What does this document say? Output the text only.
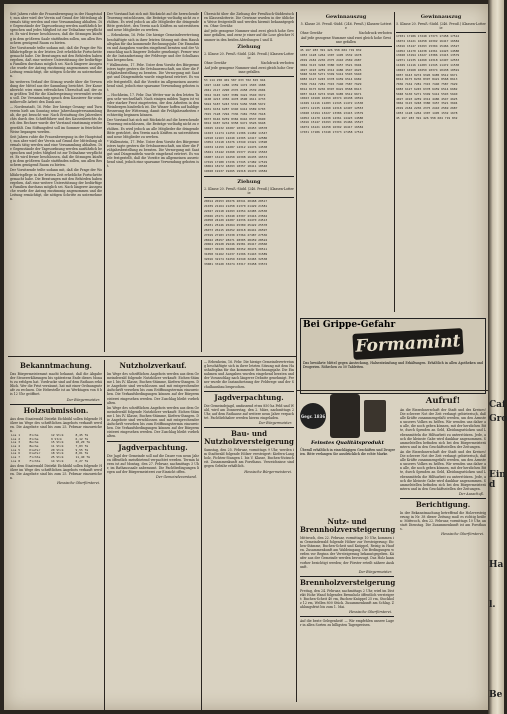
Seit Jahren ruhte die Frauenbewegung in der Hauptstadt; nun aber wird der Verein auf Grund der Mitteilung abermals tätig werden und eine Versammlung abhalten. Die Gegenstände der Tagesordnung werden ausführlich besprochen und jedes Mitglied ist zur Teilnahme verpflichtet. Es wird ferner beschlossen, daß die Sitzungen künftig in dem größeren Saale stattfinden sollen, um allen Besuchern genügend Raum zu bieten.

Der Vorsitzende teilte sodann mit, daß die Frage der Wohlfahrtspflege in der letzten Zeit erhebliche Fortschritte gemacht habe. Die Beratungen mit den Behörden haben ergeben, daß eine weitere Unterstützung der bedürftigen Familien durchaus möglich sei. Nach längerer Aussprache wurde der Antrag einstimmig angenommen und die Leitung ermächtigt, die nötigen Schritte zu unternehmen.

Im weiteren Verlauf der Sitzung wurde über die Verwendung der Mittel aus der Sammlung berichtet. Der Kassenbericht wies einen erfreulichen Überschuß auf, der zum größten Teil für die Kinderspeisung verwendet werden soll. Die Versammlung sprach dem Kassierer für seine mühevolle Arbeit den Dank aus.

— Nordenstadt, 16. Febr. Der hiesige Gesang- und Turnverein hielt am Sonntag seine Jahreshauptversammlung ab, die gut besucht war. Nach Erstattung des Jahresberichts durch den Schriftführer und des Kassenberichts durch den Rechner wurde der Vorstand einstimmig wiedergewählt. Das Stiftungsfest soll im Sommer in feierlicher Weise begangen werden.

Seit Jahren ruhte die Frauenbewegung in der Hauptstadt; nun aber wird der Verein auf Grund der Mitteilung abermals tätig werden und eine Versammlung abhalten. Die Gegenstände der Tagesordnung werden ausführlich besprochen und jedes Mitglied ist zur Teilnahme verpflichtet. Es wird ferner beschlossen, daß die Sitzungen künftig in dem größeren Saale stattfinden sollen, um allen Besuchern genügend Raum zu bieten.

Der Vorsitzende teilte sodann mit, daß die Frage der Wohlfahrtspflege in der letzten Zeit erhebliche Fortschritte gemacht habe. Die Beratungen mit den Behörden haben ergeben, daß eine weitere Unterstützung der bedürftigen Familien durchaus möglich sei. Nach längerer Aussprache wurde der Antrag einstimmig angenommen und die Leitung ermächtigt, die nötigen Schritte zu unternehmen.

Der Vorstand hat sich mit Rücksicht auf die herrschende Teuerung entschlossen, die Beiträge vorläufig nicht zu erhöhen. Es wird jedoch an alle Mitglieder die dringende Bitte gerichtet, den Verein nach Kräften zu unterstützen und neue Mitglieder zu werben.

— Erbenheim, 16. Febr. Die hiesige Gemeindevertretung beschäftigte sich in ihrer letzten Sitzung mit dem Haushaltsplan für das kommende Rechnungsjahr. Die Einnahmen und Ausgaben wurden eingehend beraten und der Voranschlag nach längerer Debatte genehmigt. Ferner wurde die Instandsetzung der Feldwege und der Schulhausbau besprochen.

* Wallenstein, 17. Febr. Unter dem Vorsitz des Bürgermeisters tagte gestern die Ortsbauernschaft, um über die Frühjahrsbestellung zu beraten. Die Versorgung mit Saatgut und Düngemitteln wurde eingehend erörtert. Es wurde festgestellt, daß die Vorräte im allgemeinen ausreichend sind, jedoch eine sparsame Verwendung geboten ist.

— Hochheim, 17. Febr. Das Wetter war in den letzten Tagen sehr wechselhaft. Nach einigen milden Tagen ist wieder starker Frost eingetreten, der den Arbeiten in den Weinbergen hinderlich ist. Die Winzer hoffen auf baldige Besserung der Witterung, damit die Frühjahrsarbeiten rechtzeitig beginnen können.

Der Vorstand hat sich mit Rücksicht auf die herrschende Teuerung entschlossen, die Beiträge vorläufig nicht zu erhöhen. Es wird jedoch an alle Mitglieder die dringende Bitte gerichtet, den Verein nach Kräften zu unterstützen und neue Mitglieder zu werben.

* Wallenstein, 17. Febr. Unter dem Vorsitz des Bürgermeisters tagte gestern die Ortsbauernschaft, um über die Frühjahrsbestellung zu beraten. Die Versorgung mit Saatgut und Düngemitteln wurde eingehend erörtert. Es wurde festgestellt, daß die Vorräte im allgemeinen ausreichend sind, jedoch eine sparsame Verwendung geboten ist.

Übersicht über die Ziehung der Preußisch-Süddeutschen Klassenlotterie. Die Gewinne wurden in der üblichen Weise festgestellt und werden hiermit bekanntgegeben. Ohne Gewähr.

Auf jede gezogene Nummer sind zwei gleich hohe Gewinne gefallen, und zwar je einer auf die Lose gleicher Nummer in den beiden Abteilungen I und II.

Ziehung
2. Klasse 20. Preuß.-Südd. (246. Preuß.) Klassen-Lotterie
Ohne Gewähr	Nachdruck verboten
Auf jede gezogene Nummer sind zwei gleich hohe Gewinne gefallen
53 114 258 401 587 633 702 815 944
1027 1140 1286 1359 1472 1503 1688
2041 2117 2290 2376 2458 2539 2604
3012 3145 3267 3389 3421 3540 3672
4108 4213 4356 4478 4590 4611 4733
5024 5187 5243 5319 5456 5508 5672
6031 6154 6287 6340 6412 6589 6703
7015 7128 7294 7336 7481 7550 7618
8073 8146 8259 8384 8416 8537 8690
9012 9187 9234 9358 9471 9526 9648
10045 10132 10287 10391 10453 10578
11023 11174 11259 11306 11482 11547
12018 12163 12240 12395 12417 12586
13052 13118 13276 13349 13421 13590
14034 14159 14287 14312 14476 14538
15021 15142 15268 15377 15419 15563
16087 16113 16250 16398 16435 16574
17019 17180 17236 17345 17482 17519
18064 18172 18293 18357 18411 18540
19028 19137 19265 19318 19470 19582
Ziehung
2. Klasse 20. Preuß.-Südd. (246. Preuß.) Klassen-Lotterie
20014 20153 20276 20341 20468 20517
21039 21164 21258 21370 21429 21581
22047 22118 22293 22354 22485 22530
23026 23171 23240 23397 23416 23562
24058 24129 24287 24336 24470 24513
25031 25146 25264 25389 25422 25578
26073 26115 26252 26318 26441 26597
27019 27183 27230 27364 27487 27536
28042 28157 28271 28305 28459 28524
29064 29128 29246 29381 29417 29560
30027 30139 30288 30352 30476 30511
31058 31162 31237 31396 31443 31589
32016 32174 32259 32340 32465 32538
33081 33120 33274 33317 33458 33572
Gewinnauszug
5. Klasse 20. Preuß.-Südd. (246. Preuß.) Klassen-Lotterie
Ohne Gewähr	Nachdruck verboten
Auf jede gezogene Nummer sind zwei gleich hohe Gewinne gefallen
45 167 283 391 426 558 604 719 832
1053 1128 1264 1307 1495 1532 1678
2019 2184 2236 2375 2410 2569 2687
3062 3115 3248 3380 3457 3521 3694
4027 4193 4259 4312 4486 4547 4625
5048 5130 5271 5349 5412 5593 5640
6083 6127 6245 6378 6459 6514 6682
7036 7162 7281 7315 7440 7587 7629
8014 8175 8236 8397 8421 8568 8613
9057 9143 9274 9326 9485 9512 9671
10023 10168 10259 10374 10438 10591
11049 11116 11283 11345 11472 11530
12071 12135 12260 12318 12497 12553
13028 13194 13227 13386 13415 13579
14052 14170 14238 14361 14423 14580
15016 15147 15293 15304 15466 15527
16074 16121 16258 16392 16417 16584
17031 17186 17240 17373 17458 17512
Gewinnauszug
5. Klasse 20. Preuß.-Südd. (246. Preuß.) Klassen-Lotterie
17031 17186 17240 17373 17458 17512
16074 16121 16258 16392 16417 16584
15016 15147 15293 15304 15466 15527
14052 14170 14238 14361 14423 14580
13028 13194 13227 13386 13415 13579
12071 12135 12260 12318 12497 12553
11049 11116 11283 11345 11472 11530
10023 10168 10259 10374 10438 10591
9057 9143 9274 9326 9485 9512 9671
8014 8175 8236 8397 8421 8568 8613
7036 7162 7281 7315 7440 7587 7629
6083 6127 6245 6378 6459 6514 6682
5048 5130 5271 5349 5412 5593 5640
4027 4193 4259 4312 4486 4547 4625
3062 3115 3248 3380 3457 3521 3694
2019 2184 2236 2375 2410 2569 2687
1053 1128 1264 1307 1495 1532 1678
45 167 283 391 426 558 604 719 832
Bei Grippe-Gefahr
Formamint
Das bewährte Mittel gegen Ansteckung, Halsentzündung und Erkältungen. Erhältlich in allen Apotheken und Drogerien. Röhrchen zu 50 Tabletten.
Gegr. 1836
Feinstes Qualitätsprodukt

Überall erhältlich in einschlägigen Geschäften und Drogerien. Bitte verlangen Sie ausdrücklich die echte Marke.

Aufruf!

An die Einwohnerschaft der Stadt und des Kreises! Die schwere Not der Zeit verlangt gebieterisch, daß alle Kräfte zusammengefaßt werden, um den Ärmsten unseres Volkes zu helfen. Wir wenden uns daher an alle, die noch geben können, mit der herzlichen Bitte, durch Spenden an Geld, Kleidungsstücken und Lebensmitteln die Hilfsarbeit zu unterstützen. Jede, auch die kleinste Gabe wird dankbar angenommen. Sammelstellen befinden sich bei den Bürgermeisterämtern und in den Geschäftsstellen der Zeitungen.

An die Einwohnerschaft der Stadt und des Kreises! Die schwere Not der Zeit verlangt gebieterisch, daß alle Kräfte zusammengefaßt werden, um den Ärmsten unseres Volkes zu helfen. Wir wenden uns daher an alle, die noch geben können, mit der herzlichen Bitte, durch Spenden an Geld, Kleidungsstücken und Lebensmitteln die Hilfsarbeit zu unterstützen. Jede, auch die kleinste Gabe wird dankbar angenommen. Sammelstellen befinden sich bei den Bürgermeisterämtern und in den Geschäftsstellen der Zeitungen.

Der Ausschuß.
Berichtigung.

In der Bekanntmachung betreffend die Holzversteigerung in Nr. 38 dieser Zeitung muß es richtig heißen: Mittwoch, den 22. Februar, vormittags 10 Uhr, anstatt Dienstag. Die Zusammenkunft ist am Forsthaus.

Hessische Oberförsterei.
Nutz- und Brennholzversteigerung

Mittwoch, den 22. Februar, vormittags 10 Uhr, kommen im Gemeindewald folgende Hölzer zur Versteigerung: Eichen-Stämme, Buchen-Scheit und Knüppel, Reisig in Haufen. Zusammenkunft am Waldeingang. Die Bedingungen werden vor Beginn der Versteigerung bekanntgegeben. Käufer aus der Gemeinde werden bevorzugt. Das Holz kann vorher besichtigt werden; der Förster erteilt nähere Auskunft.

Der Bürgermeister.
Brennholzversteigerung

Freitag, den 24. Februar, nachmittags 2 Uhr, wird im Distrikt Hohe Wand folgendes Brennholz öffentlich versteigert: Buchen-Scheit 40 rm, Buchen-Knüppel 25 rm, Stockholz 12 rm, Wellen 800 Stück. Zusammenkunft am Schlag. Zahlungsfrist bis zum 1. Mai.

Hessische Oberförsterei.

Auf die beste Gelegenheit! — Wir empfehlen unsere Lager in allen Sorten zu billigsten Tagespreisen.

Bekanntmachung.

Das Bürgermeisteramt macht bekannt, daß die Abgabe der Steuererklärungen bis spätestens Ende dieses Monats zu erfolgen hat. Vordrucke sind auf dem Rathaus erhältlich. Wer die Frist versäumt, hat mit einer Ordnungsstrafe zu rechnen. Die Hebestelle ist an Werktagen von 8 bis 12 Uhr geöffnet.

Der Bürgermeister.
Holzsubmission.

Aus dem Staatswald Distrikt Eichbühl sollen folgende Hölzer im Wege des schriftlichen Angebots verkauft werden. Die Angebote sind bis zum 25. Februar einzureichen.

Los 1	Eiche	12 Stck	8,45 fm
Los 2	Eiche	9 Stck	6,12 fm
Los 3	Buche	15 Stck	10,20 fm
Los 4	Buche	11 Stck	7,83 fm
Los 5	Kiefer	20 Stck	9,55 fm
Los 6	Kiefer	18 Stck	8,01 fm
Los 7	Fichte	25 Stck	11,40 fm
Los 8	Fichte	14 Stck	6,27 fm

Aus dem Staatswald Distrikt Eichbühl sollen folgende Hölzer im Wege des schriftlichen Angebots verkauft werden. Die Angebote sind bis zum 25. Februar einzureichen.

Hessische Oberförsterei.
Nutzholzverkauf.

Im Wege des schriftlichen Angebots werden aus dem Gemeindewald folgende Nutzhölzer verkauft: Eichen-Stämme I. bis IV. Klasse, Buchen-Stämme, Kiefern-Stangen. Die Angebote sind verschlossen und mit entsprechender Aufschrift versehen bis zum Eröffnungstermin einzureichen. Die Verkaufsbedingungen können auf der Bürgermeisterei eingesehen werden. Der Zuschlag bleibt vorbehalten.

Im Wege des schriftlichen Angebots werden aus dem Gemeindewald folgende Nutzhölzer verkauft: Eichen-Stämme I. bis IV. Klasse, Buchen-Stämme, Kiefern-Stangen. Die Angebote sind verschlossen und mit entsprechender Aufschrift versehen bis zum Eröffnungstermin einzureichen. Die Verkaufsbedingungen können auf der Bürgermeisterei eingesehen werden. Der Zuschlag bleibt vorbehalten.

Jagdverpachtung.

Die Jagd der Gemeinde soll auf die Dauer von neun Jahren öffentlich meistbietend verpachtet werden. Termin hierzu ist auf Montag, den 27. Februar, nachmittags 3 Uhr, im Rathaussaale anberaumt. Die Pachtbedingungen liegen auf der Bürgermeisterei zur Einsicht offen.

Der Gemeindevorstand.

— Erbenheim, 16. Febr. Die hiesige Gemeindevertretung beschäftigte sich in ihrer letzten Sitzung mit dem Haushaltsplan für das kommende Rechnungsjahr. Die Einnahmen und Ausgaben wurden eingehend beraten und der Voranschlag nach längerer Debatte genehmigt. Ferner wurde die Instandsetzung der Feldwege und der Schulhausbau besprochen.

Jagdverpachtung.

Die Gemeindejagd, umfassend etwa 850 ha Feld und Wald, wird am Donnerstag, den 2. März, nachmittags 2 Uhr, auf dem Rathause auf weitere neun Jahre verpachtet. Pachtliebhaber werden hierzu eingeladen.

Der Bürgermeister.
Bau- und Nutzholzversteigerung

Samstag, den 25. Februar, vormittags 9 Uhr, werden im Stadtwald folgende Hölzer versteigert: Kiefern-Langholz, Fichten-Stangen I. bis V. Klasse, Buchen-Nutzscheit. Zusammenkunft am Forsthaus. Verzeichnisse sind gegen Gebühr erhältlich.

Hessische Bürgermeisterei.
Caf
Gro
Ein d
Ha
l.
Be
